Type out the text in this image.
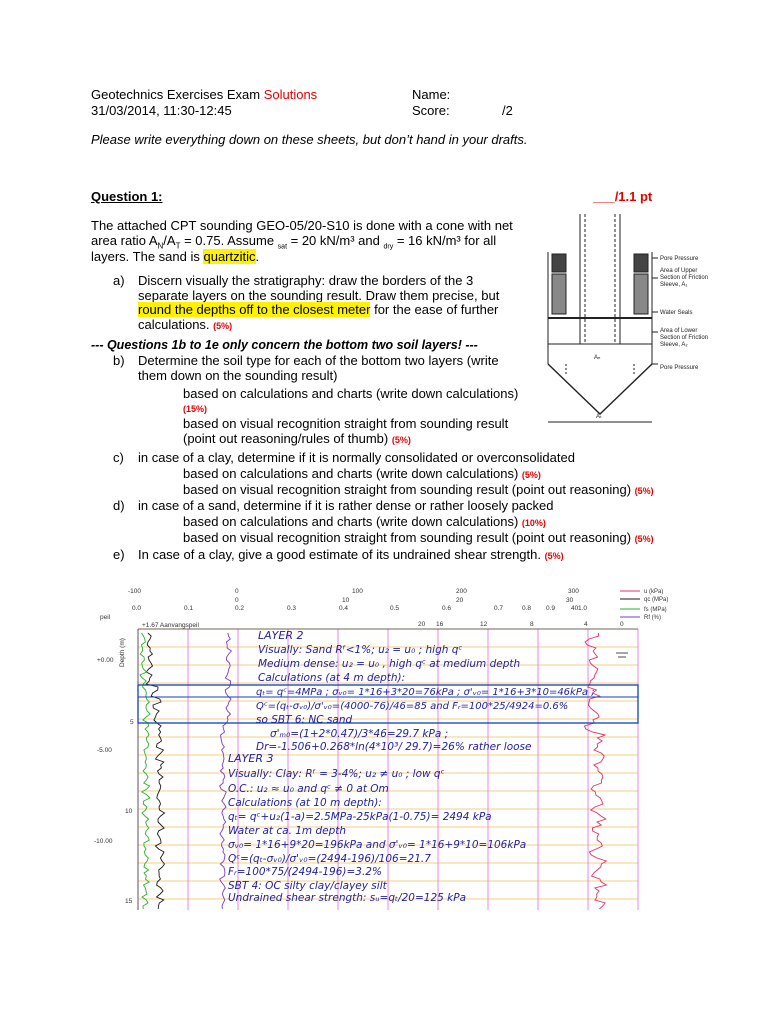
Geotechnics Exercises Exam Solutions
31/03/2014, 11:30-12:45
Name:
Score:	/2
Please write everything down on these sheets, but don’t hand in your drafts.
Question 1:	___/1.1 pt
The attached CPT sounding GEO-05/20-S10 is done with a cone with net
area ratio $A_N/A_T = 0.75$. Assume $_{sat}$ = 20 kN/m³ and $_{dry}$ = 16 kN/m³ for all
layers. The sand is quartzitic.
a) Discern visually the stratigraphy: draw the borders of the 3
separate layers on the sounding result. Draw them precise, but
round the depths off to the closest meter for the ease of further
calculations. (5%)
--- Questions 1b to 1e only concern the bottom two soil layers! ---
b) Determine the soil type for each of the bottom two layers (write
them down on the sounding result)
based on calculations and charts (write down calculations)
(15%)
based on visual recognition straight from sounding result
(point out reasoning/rules of thumb) (5%)
c) in case of a clay, determine if it is normally consolidated or overconsolidated
based on calculations and charts (write down calculations) (5%)
based on visual recognition straight from sounding result (point out reasoning) (5%)
d) in case of a sand, determine if it is rather dense or rather loosely packed
based on calculations and charts (write down calculations) (10%)
based on visual recognition straight from sounding result (point out reasoning) (5%)
e) In case of a clay, give a good estimate of its undrained shear strength. (5%)
Pore Pressure
Area of Upper Section of Friction Sleeve, A₁
Water Seals
Area of Lower Section of Friction Sleeve, A₂
Pore Pressure
Aₙ
Aₜ
-100	0	100	200	300
0	10	20	30
40
0.0	0.1	0.2	0.3	0.4	0.5	0.6	0.7	0.8 0.9	1.0
20 16	12	8	4	0
peil
+1.67 Aanvangspeil
+0.00
-5.00
-10.00
5
10
15
Depth (m)
u (kPa)
qc (MPa)
fs (MPa)
Rf (%)
LAYER 2
Visually: Sand Rᶠ<1%; u₂ = u₀ ; high qᶜ
Medium dense: u₂ = u₀ , high qᶜ at medium depth
Calculations (at 4 m depth):
qₜ= qᶜ=4MPa ; σᵥ₀= 1*16+3*20=76kPa ; σ'ᵥ₀= 1*16+3*10=46kPa ;
Qᶜ=(qₜ-σᵥ₀)/σ'ᵥ₀=(4000-76)/46=85 and Fᵣ=100*25/4924=0.6%
so SBT 6: NC sand
σ'ₘ₀=(1+2*0.47)/3*46=29.7 kPa ;
Dr=-1.506+0.268*ln(4*10³/ 29.7)=26% rather loose
LAYER 3
Visually: Clay: Rᶠ = 3-4%; u₂ ≠ u₀ ; low qᶜ
O.C.: u₂ ≈ u₀ and qᶜ ≠ 0 at Om
Calculations (at 10 m depth):
qₜ= qᶜ+u₂(1-a)=2.5MPa-25kPa(1-0.75)= 2494 kPa
Water at ca. 1m depth
σᵥ₀= 1*16+9*20=196kPa and σ'ᵥ₀= 1*16+9*10=106kPa
Qᶜ=(qₜ-σᵥ₀)/σ'ᵥ₀=(2494-196)/106=21.7
Fᵣ=100*75/(2494-196)=3.2%
SBT 4: OC silty clay/clayey silt
Undrained shear strength: sᵤ=qₜ/20=125 kPa
